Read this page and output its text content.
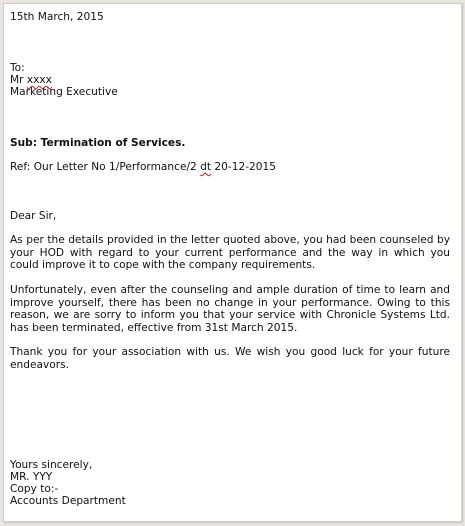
15th March, 2015

To:

Mr xxxx

Marketing Executive

Sub: Termination of Services.

Ref: Our Letter No 1/Performance/2 dt 20-12-2015

Dear Sir,

As per the details provided in the letter quoted above, you had been counseled by your HOD with regard to your current performance and the way in which you could improve it to cope with the company requirements.

Unfortunately, even after the counseling and ample duration of time to learn and improve yourself, there has been no change in your performance. Owing to this reason, we are sorry to inform you that your service with Chronicle Systems Ltd. has been terminated, effective from 31st March 2015.

Thank you for your association with us. We wish you good luck for your future endeavors.

Yours sincerely,

MR. YYY

Copy to:-

Accounts Department
